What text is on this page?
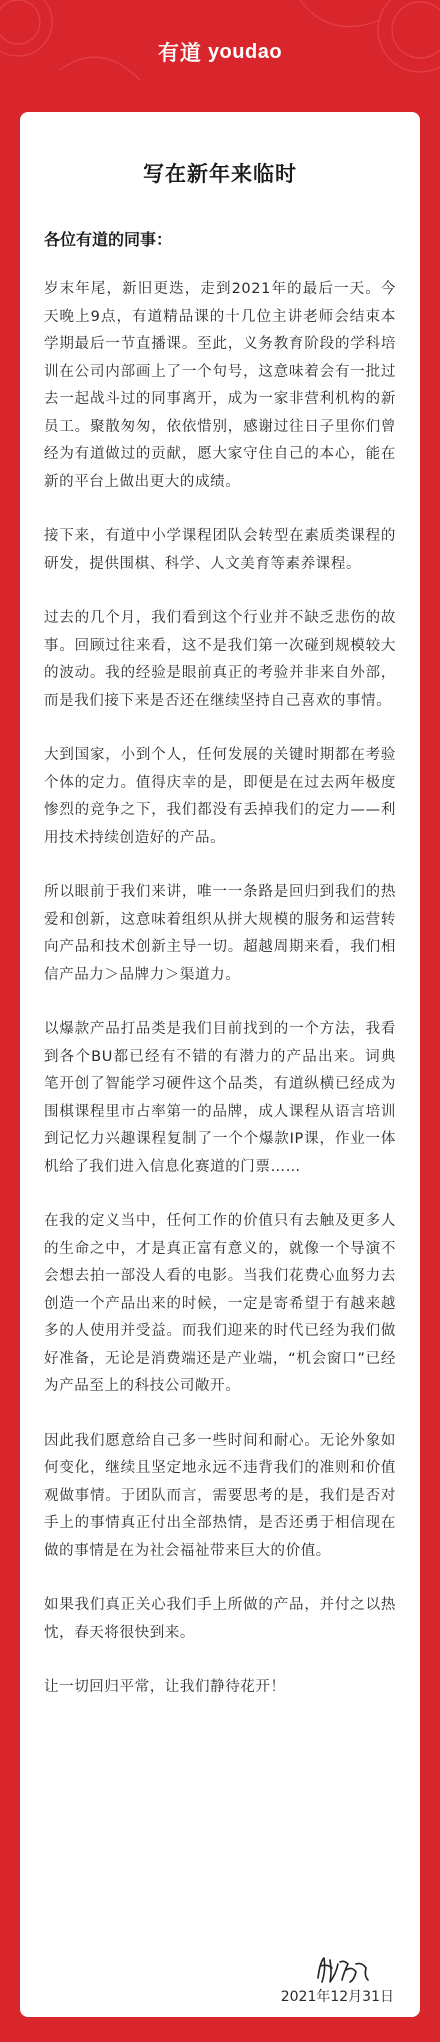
有道 youdao
写在新年来临时
各位有道的同事：

岁末年尾，新旧更迭，走到2021年的最后一天。今天晚上9点，有道精品课的十几位主讲老师会结束本学期最后一节直播课。至此，义务教育阶段的学科培训在公司内部画上了一个句号，这意味着会有一批过去一起战斗过的同事离开，成为一家非营利机构的新员工。聚散匆匆，依依惜别，感谢过往日子里你们曾经为有道做过的贡献，愿大家守住自己的本心，能在新的平台上做出更大的成绩。

接下来，有道中小学课程团队会转型在素质类课程的研发，提供围棋、科学、人文美育等素养课程。

过去的几个月，我们看到这个行业并不缺乏悲伤的故事。回顾过往来看，这不是我们第一次碰到规模较大的波动。我的经验是眼前真正的考验并非来自外部，而是我们接下来是否还在继续坚持自己喜欢的事情。

大到国家，小到个人，任何发展的关键时期都在考验个体的定力。值得庆幸的是，即便是在过去两年极度惨烈的竞争之下，我们都没有丢掉我们的定力——利用技术持续创造好的产品。

所以眼前于我们来讲，唯一一条路是回归到我们的热爱和创新，这意味着组织从拼大规模的服务和运营转向产品和技术创新主导一切。超越周期来看，我们相信产品力＞品牌力＞渠道力。

以爆款产品打品类是我们目前找到的一个方法，我看到各个BU都已经有不错的有潜力的产品出来。词典笔开创了智能学习硬件这个品类，有道纵横已经成为围棋课程里市占率第一的品牌，成人课程从语言培训到记忆力兴趣课程复制了一个个爆款IP课，作业一体机给了我们进入信息化赛道的门票……

在我的定义当中，任何工作的价值只有去触及更多人的生命之中，才是真正富有意义的，就像一个导演不会想去拍一部没人看的电影。当我们花费心血努力去创造一个产品出来的时候，一定是寄希望于有越来越多的人使用并受益。而我们迎来的时代已经为我们做好准备，无论是消费端还是产业端，“机会窗口”已经为产品至上的科技公司敞开。

因此我们愿意给自己多一些时间和耐心。无论外象如何变化，继续且坚定地永远不违背我们的准则和价值观做事情。于团队而言，需要思考的是，我们是否对手上的事情真正付出全部热情，是否还勇于相信现在做的事情是在为社会福祉带来巨大的价值。

如果我们真正关心我们手上所做的产品，并付之以热忱，春天将很快到来。

让一切回归平常，让我们静待花开！

2021年12月31日
